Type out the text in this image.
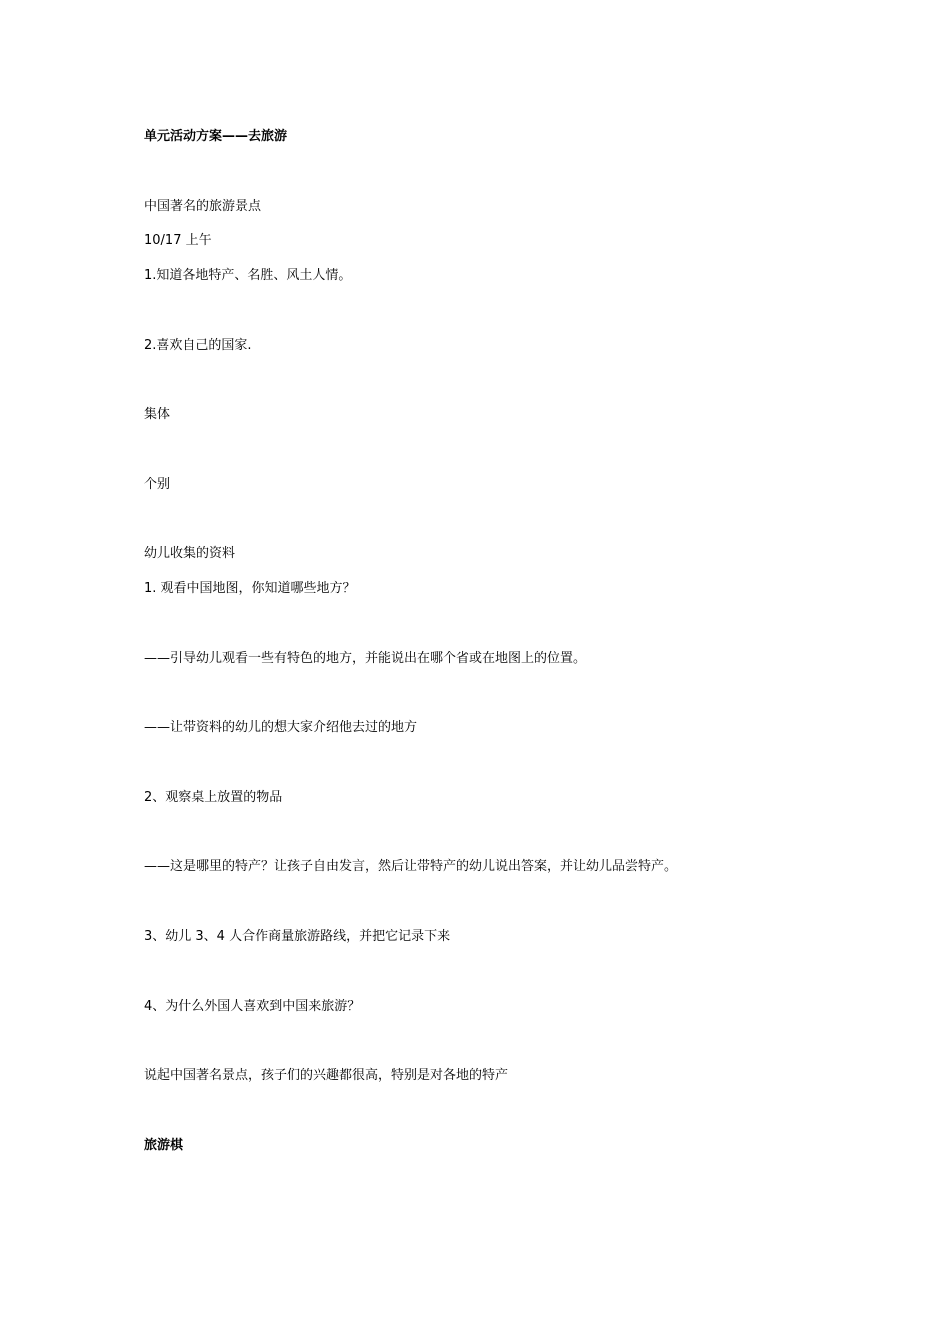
单元活动方案——去旅游
中国著名的旅游景点
10/17 上午
1.知道各地特产、名胜、风土人情。
2.喜欢自己的国家.
集体
个别
幼儿收集的资料
1. 观看中国地图，你知道哪些地方？
——引导幼儿观看一些有特色的地方，并能说出在哪个省或在地图上的位置。
——让带资料的幼儿的想大家介绍他去过的地方
2、观察桌上放置的物品
——这是哪里的特产？让孩子自由发言，然后让带特产的幼儿说出答案，并让幼儿品尝特产。
3、幼儿 3、4 人合作商量旅游路线，并把它记录下来
4、为什么外国人喜欢到中国来旅游？
说起中国著名景点，孩子们的兴趣都很高，特别是对各地的特产
旅游棋
